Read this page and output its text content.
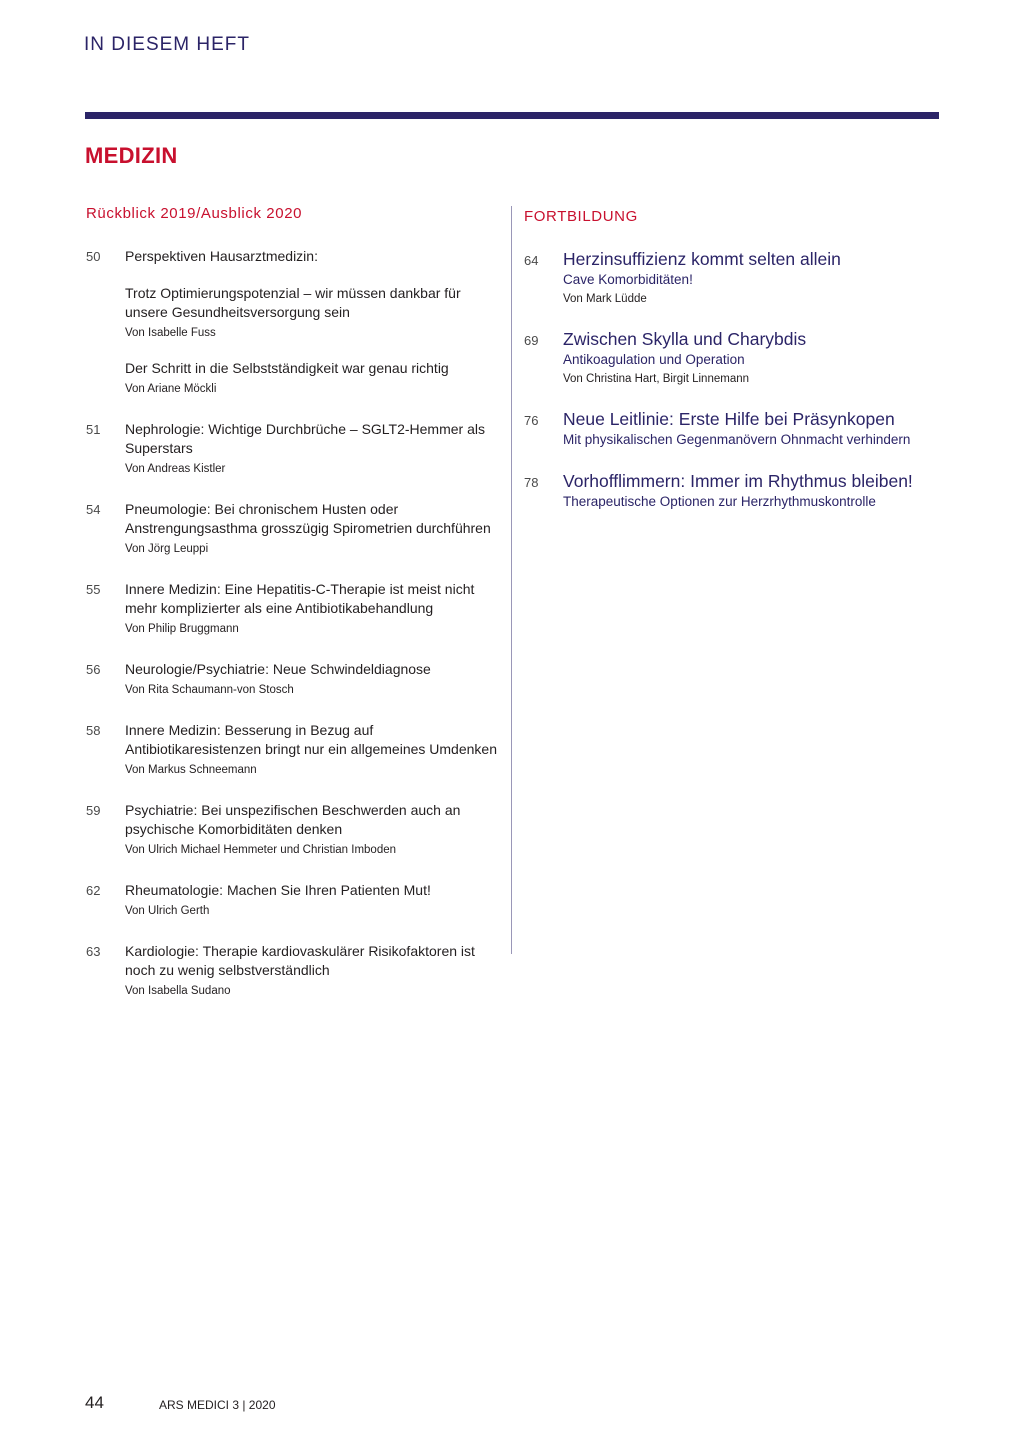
IN DIESEM HEFT
MEDIZIN
Rückblick 2019/Ausblick 2020
50	Perspektiven Hausarztmedizin:
Trotz Optimierungspotenzial – wir müssen dankbar für unsere Gesundheitsversorgung sein
Von Isabelle Fuss
Der Schritt in die Selbstständigkeit war genau richtig
Von Ariane Möckli
51	Nephrologie: Wichtige Durchbrüche – SGLT2-Hemmer als Superstars
Von Andreas Kistler
54	Pneumologie: Bei chronischem Husten oder Anstrengungsasthma grosszügig Spirometrien durchführen
Von Jörg Leuppi
55	Innere Medizin: Eine Hepatitis-C-Therapie ist meist nicht mehr komplizierter als eine Antibiotikabehandlung
Von Philip Bruggmann
56	Neurologie/Psychiatrie: Neue Schwindeldiagnose
Von Rita Schaumann-von Stosch
58	Innere Medizin: Besserung in Bezug auf Antibiotikaresistenzen bringt nur ein allgemeines Umdenken
Von Markus Schneemann
59	Psychiatrie: Bei unspezifischen Beschwerden auch an psychische Komorbiditäten denken
Von Ulrich Michael Hemmeter und Christian Imboden
62	Rheumatologie: Machen Sie Ihren Patienten Mut!
Von Ulrich Gerth
63	Kardiologie: Therapie kardiovaskulärer Risikofaktoren ist noch zu wenig selbstverständlich
Von Isabella Sudano
FORTBILDUNG
64	Herzinsuffizienz kommt selten allein
Cave Komorbiditäten!
Von Mark Lüdde
69	Zwischen Skylla und Charybdis
Antikoagulation und Operation
Von Christina Hart, Birgit Linnemann
76	Neue Leitlinie: Erste Hilfe bei Präsynkopen
Mit physikalischen Gegenmanövern Ohnmacht verhindern
78	Vorhofflimmern: Immer im Rhythmus bleiben!
Therapeutische Optionen zur Herzrhythmuskontrolle
44	ARS MEDICI 3 | 2020
